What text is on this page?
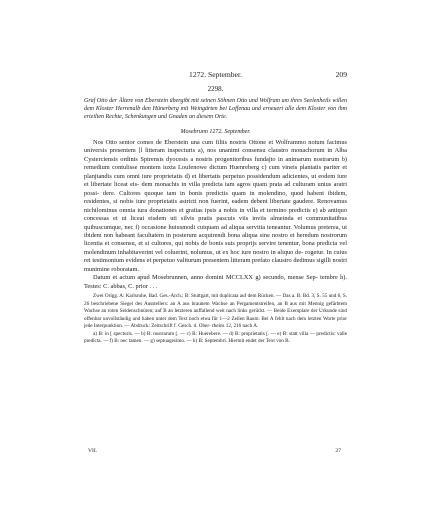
1272. September.	209
2298.
Graf Otto der Ältere von Eberstein übergibt mit seinen Söhnen Otto und Wolfram um ihres Seelenheils willen dem Kloster Herrenalb den Hünerberg mit Weingärten bei Loffenau und erneuert alle dem Kloster von ihm erteilten Rechte, Schenkungen und Gnaden an diesem Orte.
Mosebrunn 1272. September.

Nos Otto senior comes de Eberstein una cum filiis nostris Ottone et Wolframmo notum facimus universis presentem [l litteram inspecturis a), nos unanimi consensu claustro monachorum in Alba Cysterciensis ordinis Spirensis dyocesis a nostris progenitoribus fundajto in animarum nostrarum b) remedium contulisse montem iuxta Loufenowe dictum Huenreberg c) cum vineis plantatis pariter et planjtandis cum omni iure proprietatis d) et libertatis perpetuo possidendum adicientes, ut eodem iure et libertate liceat eis- dem monachis in villa predicta tam agros quam prata ad culturam unius aratri possi- dere. Cultores quoque tam in bonis predictis quam in molendino, quod habent ibidem, residentes, si nobis iure proprietatis astricti non fuerint, eadem debent libertate gaudere. Renovamus nichilominus omnia iura donationes et gratias ipsis a nobis in villa et termino predictis e) ab antiquo concessas et ut liceat eisdem uti silvis pratis pascuis viis inviis almeinda et communitatibus quibuscumque, nec f) occasione huiusmodi cuiquam ad aliqua servitia teneantur. Volumus preterea, ut ibidem non habeant facultatem in posterum acquirendi bona aliqua sine nostro et heredum nostrorum licentia et consensu, et si cultores, qui nobis de bonis suis proprijs servire tenentur, bona predicta vel molendinum inhabitaverint vel coluerint, nolumus, ut ex hoc iure nostro in aliquo de- rogetur. In cuius rei testimonium evidens et perpetuo valiturum presentem litteram prefato claustro dedimus sigilli nostri munimine roboratam.

Datum et actum apud Mosebrunnen, anno domini MCCLXX g) secundo, mense Sep- tembre h). Testes: C. abbas, C. prior . . .

Zwei Origg. A: Karlsruhe, Bad. Ges.-Arch.; B: Stuttgart, mit duplicata auf dem Rücken. — Das a. B. Bd. 3, S. 55 und 6, S. 26 beschriebene Siegel des Ausstellers: an A aus braunem Wachse an Pergamentstreifen, an B aus mit Mennig gefärbtem Wachse an roten Seidenschnüren; auf B an letzteren auffallend weit nach links gerückt. — Beide Exemplare der Urkunde sind offenbar unvollständig und haben unter dem Text noch etwa für 1—2 Zeilen Raum. Bei A fehlt nach dem letzten Worte prior jede Interpunktion. — Abdruck: Zeitschrift f. Gesch. d. Ober- rheins 12, 216 nach A.

a) B: in [ specturis. — b) B: nostrarum [. — c) B: Huerebere. — d) B: proprietatis [. — e) B: statt villa — predictis: valle predicta. — f) B: nec tamen. — g) septuagesimo. — h) B: Septembri. Hiermit endet der Text von B.

VII.	27
